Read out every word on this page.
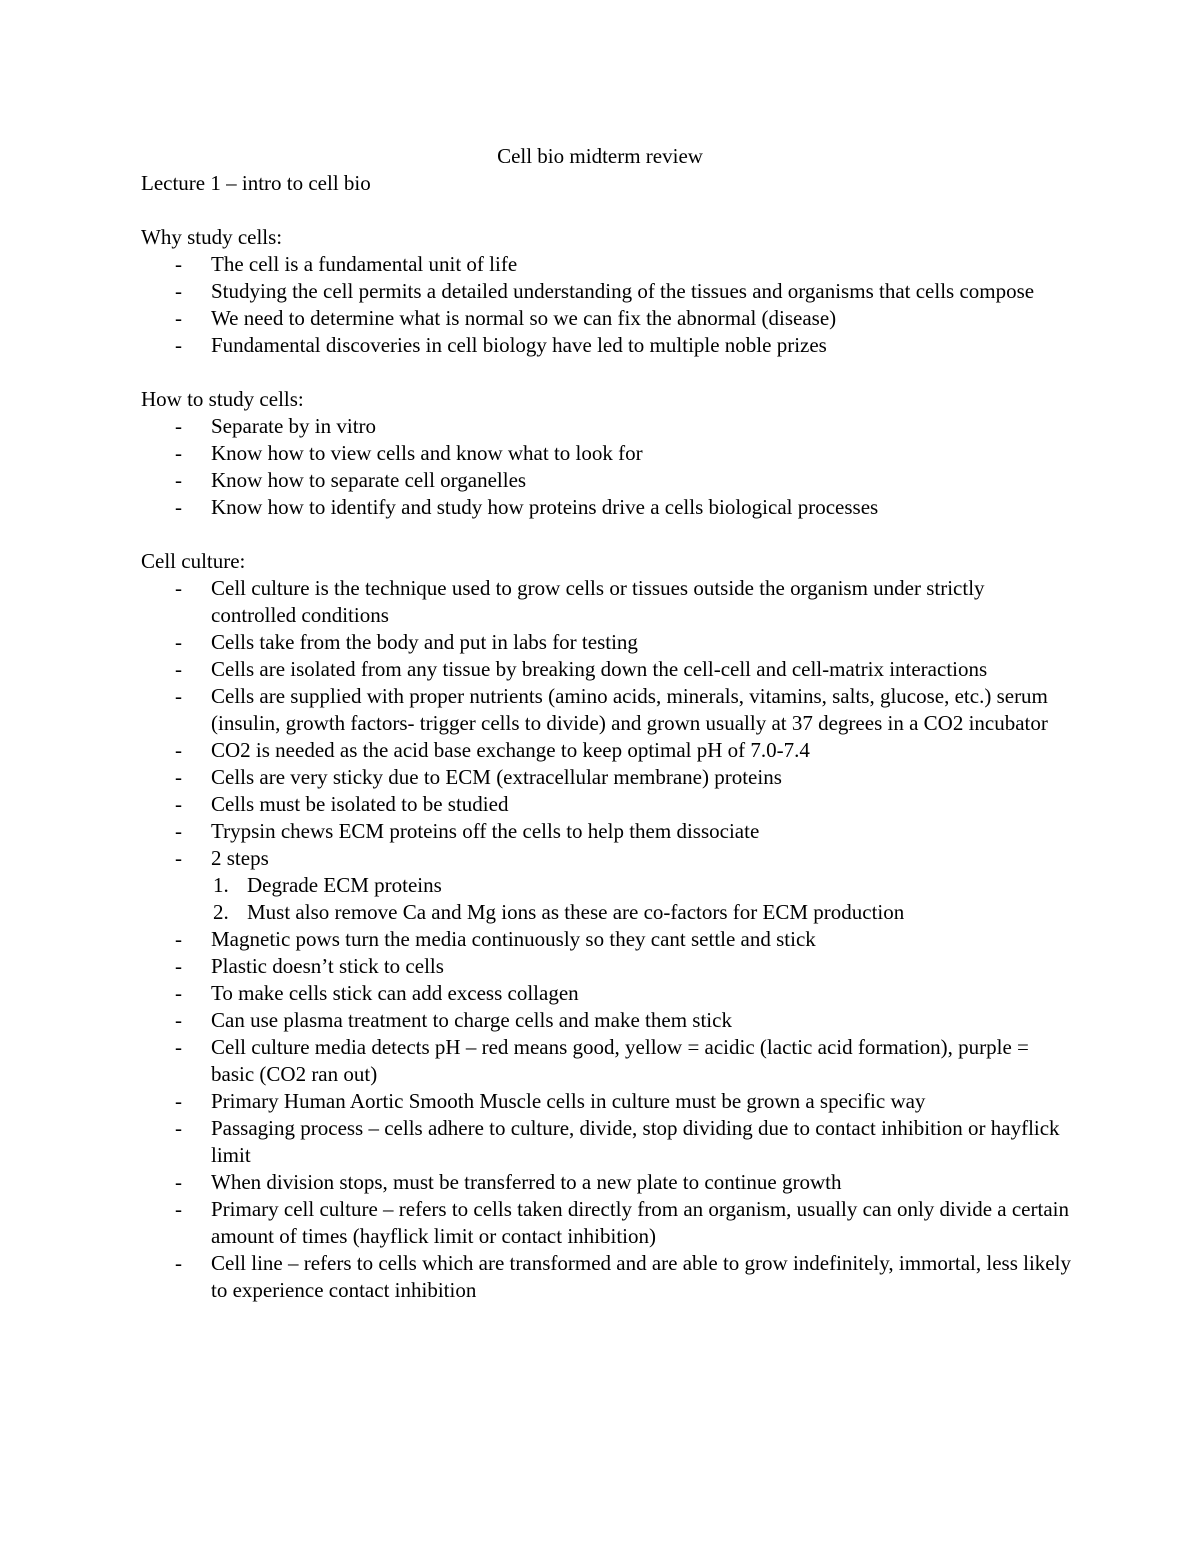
Cell bio midterm review
Lecture 1 – intro to cell bio
Why study cells:
- The cell is a fundamental unit of life
- Studying the cell permits a detailed understanding of the tissues and organisms that cells compose
- We need to determine what is normal so we can fix the abnormal (disease)
- Fundamental discoveries in cell biology have led to multiple noble prizes
How to study cells:
- Separate by in vitro
- Know how to view cells and know what to look for
- Know how to separate cell organelles
- Know how to identify and study how proteins drive a cells biological processes
Cell culture:
- Cell culture is the technique used to grow cells or tissues outside the organism under strictly controlled conditions
- Cells take from the body and put in labs for testing
- Cells are isolated from any tissue by breaking down the cell-cell and cell-matrix interactions
- Cells are supplied with proper nutrients (amino acids, minerals, vitamins, salts, glucose, etc.) serum (insulin, growth factors- trigger cells to divide) and grown usually at 37 degrees in a CO2 incubator
- CO2 is needed as the acid base exchange to keep optimal pH of 7.0-7.4
- Cells are very sticky due to ECM (extracellular membrane) proteins
- Cells must be isolated to be studied
- Trypsin chews ECM proteins off the cells to help them dissociate
- 2 steps
1. Degrade ECM proteins
2. Must also remove Ca and Mg ions as these are co-factors for ECM production
- Magnetic pows turn the media continuously so they cant settle and stick
- Plastic doesn’t stick to cells
- To make cells stick can add excess collagen
- Can use plasma treatment to charge cells and make them stick
- Cell culture media detects pH – red means good, yellow = acidic (lactic acid formation), purple = basic (CO2 ran out)
- Primary Human Aortic Smooth Muscle cells in culture must be grown a specific way
- Passaging process – cells adhere to culture, divide, stop dividing due to contact inhibition or hayflick limit
- When division stops, must be transferred to a new plate to continue growth
- Primary cell culture – refers to cells taken directly from an organism, usually can only divide a certain amount of times (hayflick limit or contact inhibition)
- Cell line – refers to cells which are transformed and are able to grow indefinitely, immortal, less likely to experience contact inhibition
